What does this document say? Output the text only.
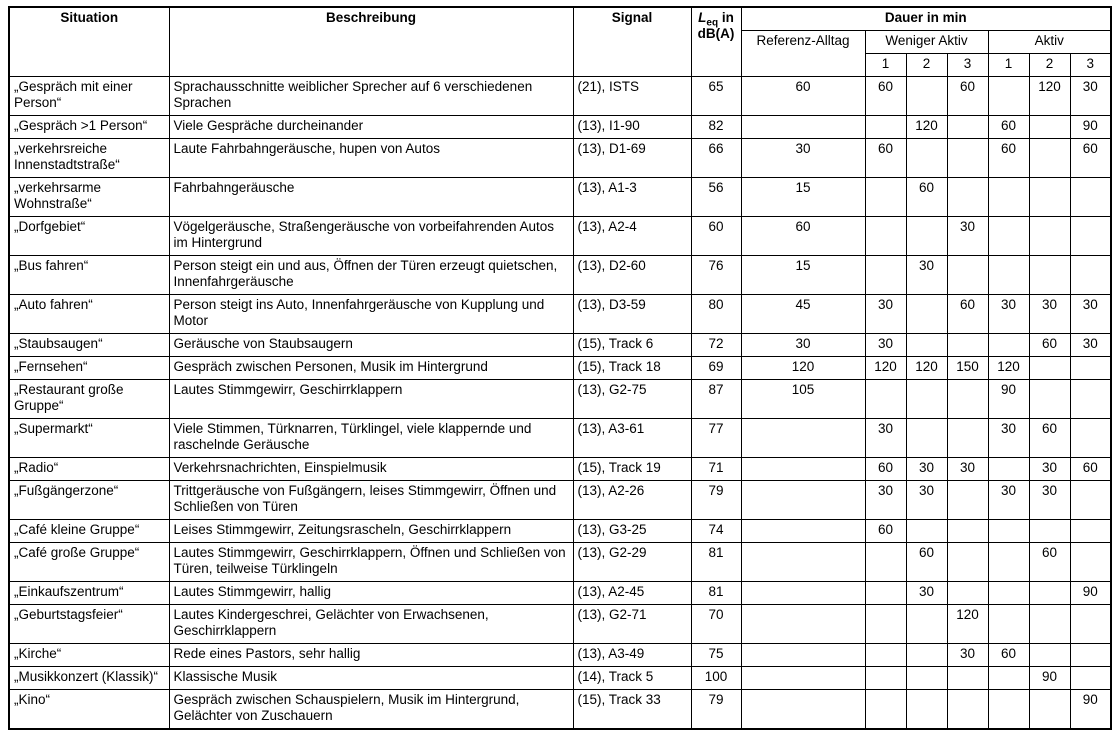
Situation	Beschreibung	Signal	$L_{eq}$ in
dB(A)	Dauer in min						
				Referenz-Alltag	Weniger Aktiv			Aktiv		
					1	2	3	1	2	3
„Gespräch mit einer Person“	Sprachausschnitte weiblicher Sprecher auf 6 verschiedenen Sprachen	(21), ISTS	65	60	60		60		120	30
„Gespräch >1 Person“	Viele Gespräche durcheinander	(13), I1-90	82			120		60		90
„verkehrsreiche Innenstadtstraße“	Laute Fahrbahngeräusche, hupen von Autos	(13), D1-69	66	30	60			60		60
„verkehrsarme Wohnstraße“	Fahrbahngeräusche	(13), A1-3	56	15		60				
„Dorfgebiet“	Vögelgeräusche, Straßengeräusche von vorbeifahrenden Autos im Hintergrund	(13), A2-4	60	60			30			
„Bus fahren“	Person steigt ein und aus, Öffnen der Türen erzeugt quietschen, Innenfahrgeräusche	(13), D2-60	76	15		30				
„Auto fahren“	Person steigt ins Auto, Innenfahrgeräusche von Kupplung und Motor	(13), D3-59	80	45	30		60	30	30	30
„Staubsaugen“	Geräusche von Staubsaugern	(15), Track 6	72	30	30				60	30
„Fernsehen“	Gespräch zwischen Personen, Musik im Hintergrund	(15), Track 18	69	120	120	120	150	120		
„Restaurant große Gruppe“	Lautes Stimmgewirr, Geschirrklappern	(13), G2-75	87	105				90		
„Supermarkt“	Viele Stimmen, Türknarren, Türklingel, viele klappernde und raschelnde Geräusche	(13), A3-61	77		30			30	60	
„Radio“	Verkehrsnachrichten, Einspielmusik	(15), Track 19	71		60	30	30		30	60
„Fußgängerzone“	Trittgeräusche von Fußgängern, leises Stimmgewirr, Öffnen und Schließen von Türen	(13), A2-26	79		30	30		30	30	
„Café kleine Gruppe“	Leises Stimmgewirr, Zeitungsrascheln, Geschirrklappern	(13), G3-25	74		60					
„Café große Gruppe“	Lautes Stimmgewirr, Geschirrklappern, Öffnen und Schließen von Türen, teilweise Türklingeln	(13), G2-29	81			60			60	
„Einkaufszentrum“	Lautes Stimmgewirr, hallig	(13), A2-45	81			30				90
„Geburtstagsfeier“	Lautes Kindergeschrei, Gelächter von Erwachsenen, Geschirrklappern	(13), G2-71	70				120			
„Kirche“	Rede eines Pastors, sehr hallig	(13), A3-49	75				30	60		
„Musikkonzert (Klassik)“	Klassische Musik	(14), Track 5	100						90	
„Kino“	Gespräch zwischen Schauspielern, Musik im Hintergrund, Gelächter von Zuschauern	(15), Track 33	79							90
